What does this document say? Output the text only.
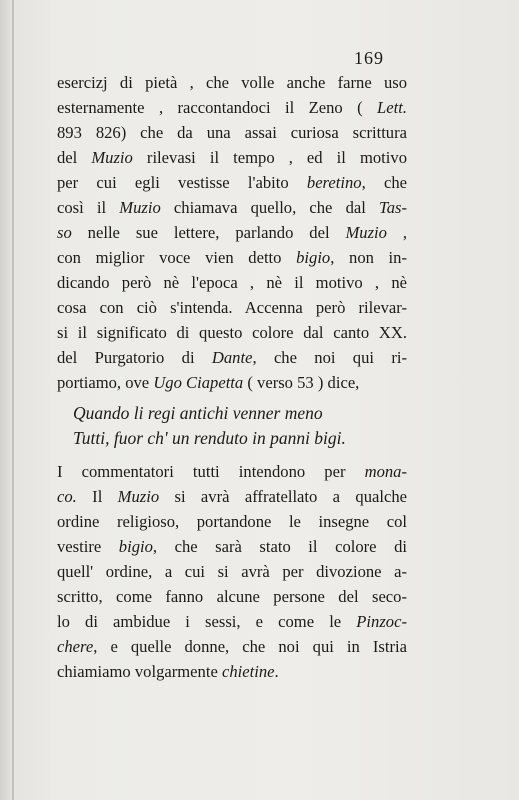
169
esercizj di pietà , che volle anche farne uso
esternamente , raccontandoci il Zeno ( Lett.
893 826) che da una assai curiosa scrittura
del Muzio rilevasi il tempo , ed il motivo
per cui egli vestisse l'abito beretino, che
così il Muzio chiamava quello, che dal Tas-
so nelle sue lettere, parlando del Muzio ,
con miglior voce vien detto bigio, non in-
dicando però nè l'epoca , nè il motivo , nè
cosa con ciò s'intenda. Accenna però rilevar-
si il significato di questo colore dal canto XX.
del Purgatorio di Dante, che noi qui ri-
portiamo, ove Ugo Ciapetta ( verso 53 ) dice,
Quando li regi antichi venner meno
Tutti, fuor ch' un renduto in panni bigi.
I commentatori tutti intendono per mona-
co. Il Muzio si avrà affratellato a qualche
ordine religioso, portandone le insegne col
vestire bigio, che sarà stato il colore di
quell' ordine, a cui si avrà per divozione a-
scritto, come fanno alcune persone del seco-
lo di ambidue i sessi, e come le Pinzoc-
chere, e quelle donne, che noi qui in Istria
chiamiamo volgarmente chietine.
